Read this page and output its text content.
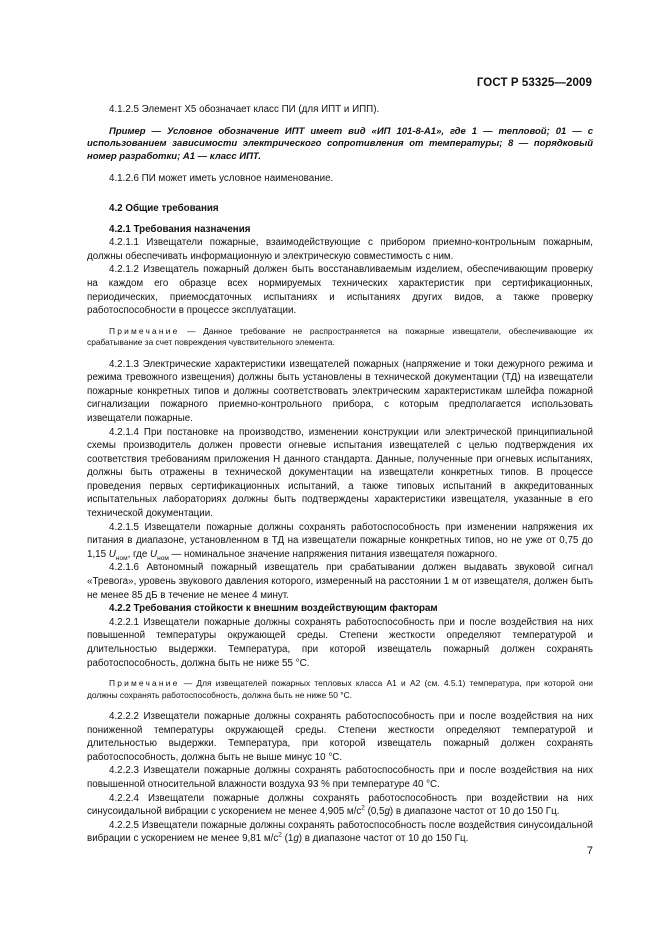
ГОСТ Р 53325—2009

4.1.2.5 Элемент Х5 обозначает класс ПИ (для ИПТ и ИПП).

Пример — Условное обозначение ИПТ имеет вид «ИП 101-8-А1», где 1 — тепловой; 01 — с использованием зависимости электрического сопротивления от температуры; 8 — порядковый номер разработки; А1 — класс ИПТ.

4.1.2.6 ПИ может иметь условное наименование.

4.2 Общие требования

4.2.1 Требования назначения

4.2.1.1 Извещатели пожарные, взаимодействующие с прибором приемно-контрольным пожарным, должны обеспечивать информационную и электрическую совместимость с ним.

4.2.1.2 Извещатель пожарный должен быть восстанавливаемым изделием, обеспечивающим проверку на каждом его образце всех нормируемых технических характеристик при сертификационных, периодических, приемосдаточных испытаниях и испытаниях других видов, а также проверку работоспособности в процессе эксплуатации.

Примечание — Данное требование не распространяется на пожарные извещатели, обеспечивающие их срабатывание за счет повреждения чувствительного элемента.

4.2.1.3 Электрические характеристики извещателей пожарных (напряжение и токи дежурного режима и режима тревожного извещения) должны быть установлены в технической документации (ТД) на извещатели пожарные конкретных типов и должны соответствовать электрическим характеристикам шлейфа пожарной сигнализации пожарного приемно-контрольного прибора, с которым предполагается использовать извещатели пожарные.

4.2.1.4 При постановке на производство, изменении конструкции или электрической принципиальной схемы производитель должен провести огневые испытания извещателей с целью подтверждения их соответствия требованиям приложения Н данного стандарта. Данные, полученные при огневых испытаниях, должны быть отражены в технической документации на извещатели конкретных типов. В процессе проведения первых сертификационных испытаний, а также типовых испытаний в аккредитованных испытательных лабораториях должны быть подтверждены характеристики извещателя, указанные в его технической документации.

4.2.1.5 Извещатели пожарные должны сохранять работоспособность при изменении напряжения их питания в диапазоне, установленном в ТД на извещатели пожарные конкретных типов, но не уже от 0,75 до 1,15 $U_{ном}$, где $U_{ном}$ — номинальное значение напряжения питания извещателя пожарного.

4.2.1.6 Автономный пожарный извещатель при срабатывании должен выдавать звуковой сигнал «Тревога», уровень звукового давления которого, измеренный на расстоянии 1 м от извещателя, должен быть не менее 85 дБ в течение не менее 4 минут.

4.2.2 Требования стойкости к внешним воздействующим факторам

4.2.2.1 Извещатели пожарные должны сохранять работоспособность при и после воздействия на них повышенной температуры окружающей среды. Степени жесткости определяют температурой и длительностью выдержки. Температура, при которой извещатель пожарный должен сохранять работоспособность, должна быть не ниже 55 °С.

Примечание — Для извещателей пожарных тепловых класса А1 и А2 (см. 4.5.1) температура, при которой они должны сохранять работоспособность, должна быть не ниже 50 °С.

4.2.2.2 Извещатели пожарные должны сохранять работоспособность при и после воздействия на них пониженной температуры окружающей среды. Степени жесткости определяют температурой и длительностью выдержки. Температура, при которой извещатель пожарный должен сохранять работоспособность, должна быть не выше минус 10 °С.

4.2.2.3 Извещатели пожарные должны сохранять работоспособность при и после воздействия на них повышенной относительной влажности воздуха 93 % при температуре 40 °С.

4.2.2.4 Извещатели пожарные должны сохранять работоспособность при воздействии на них синусоидальной вибрации с ускорением не менее 4,905 $м/с^2$ (0,5g) в диапазоне частот от 10 до 150 Гц.

4.2.2.5 Извещатели пожарные должны сохранять работоспособность после воздействия синусоидальной вибрации с ускорением не менее 9,81 $м/с^2$ (1g) в диапазоне частот от 10 до 150 Гц.

7
